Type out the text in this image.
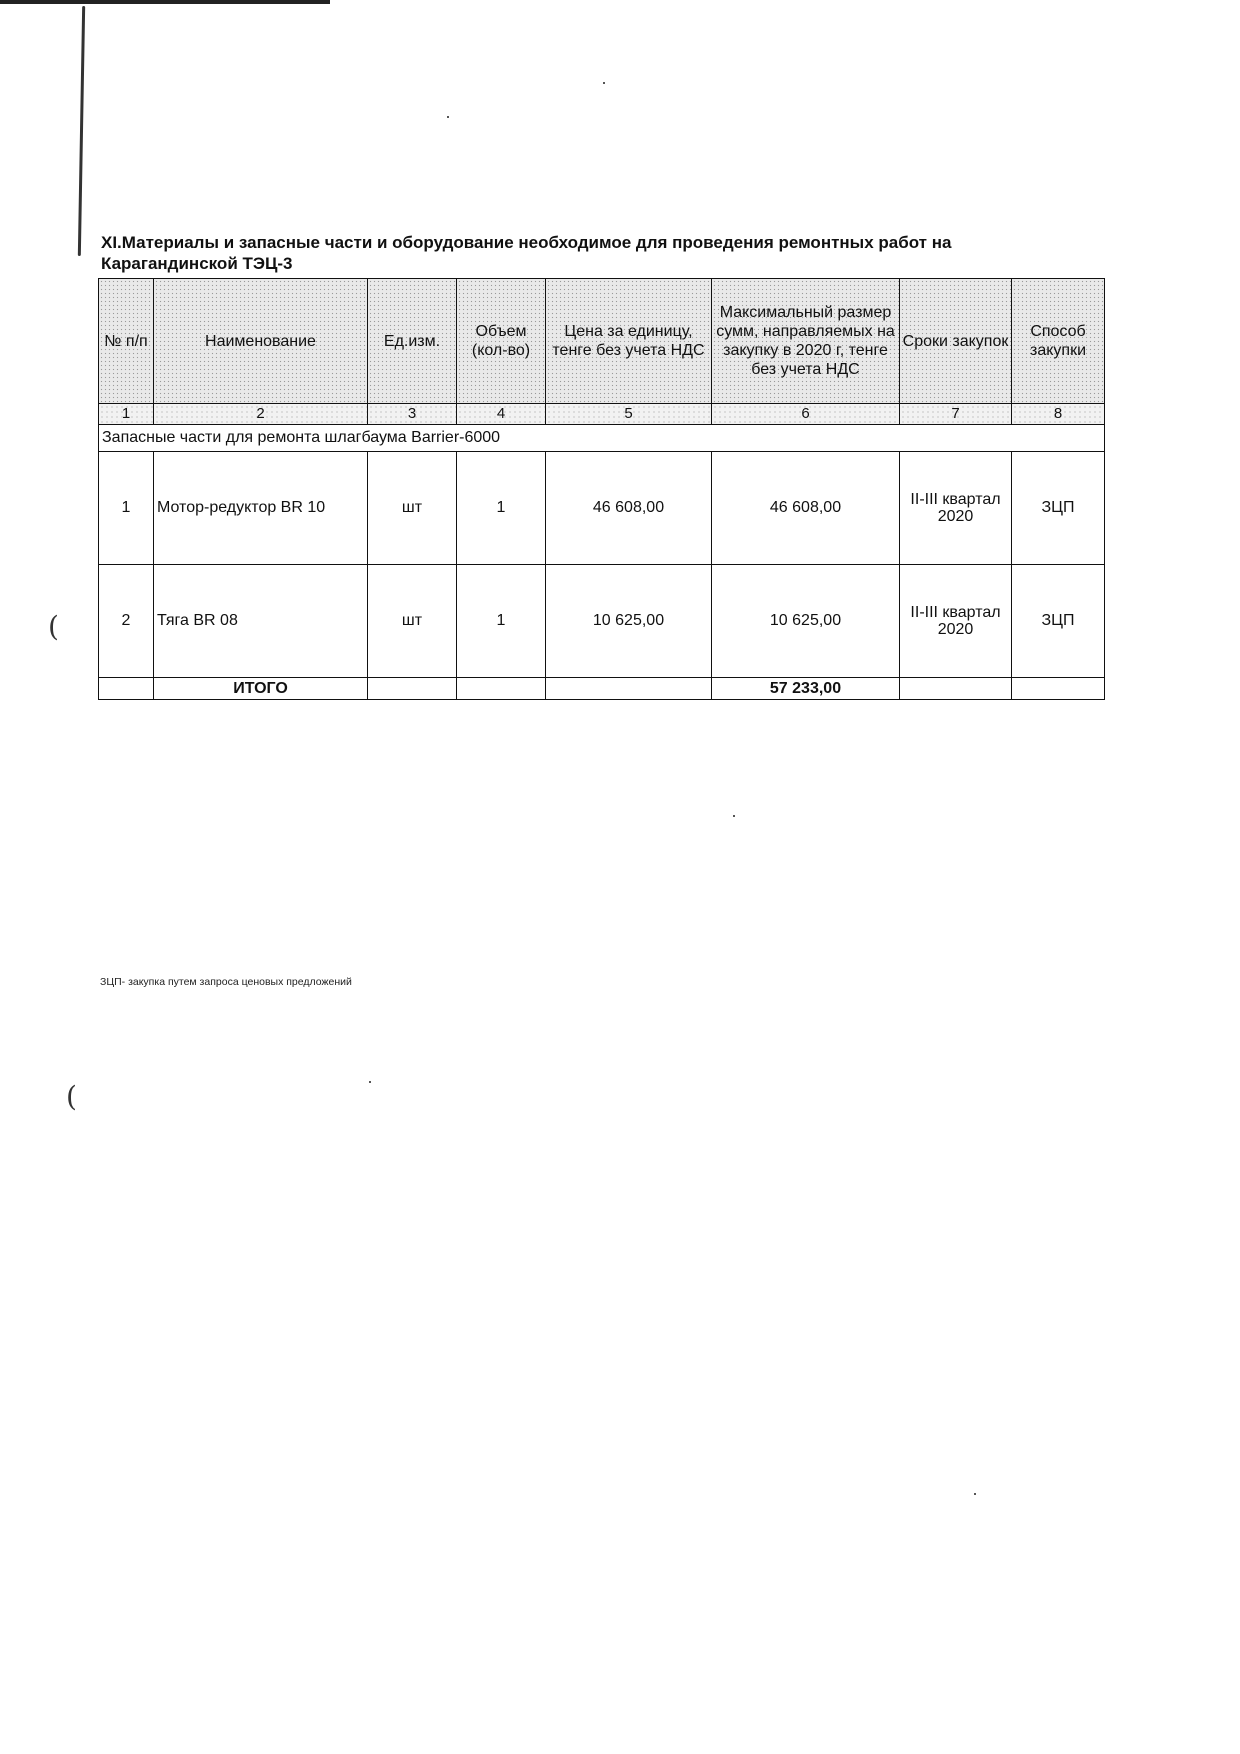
(
(

XI.Материалы и запасные части и оборудование необходимое для проведения ремонтных работ на Карагандинской ТЭЦ-3

№ п/п	Наименование	Ед.изм.	Объем (кол-во)	Цена за единицу, тенге без учета НДС	Максимальный размер сумм, направляемых на закупку в 2020 г, тенге без учета НДС	Сроки закупок	Способ закупки
1	2	3	4	5	6	7	8
Запасные части для ремонта шлагбаума Barrier-6000							
1	Мотор-редуктор BR 10	шт	1	46 608,00	46 608,00	II-III квартал 2020	ЗЦП
2	Тяга BR 08	шт	1	10 625,00	10 625,00	II-III квартал 2020	ЗЦП
	ИТОГО				57 233,00		

ЗЦП- закупка путем запроса ценовых предложений
